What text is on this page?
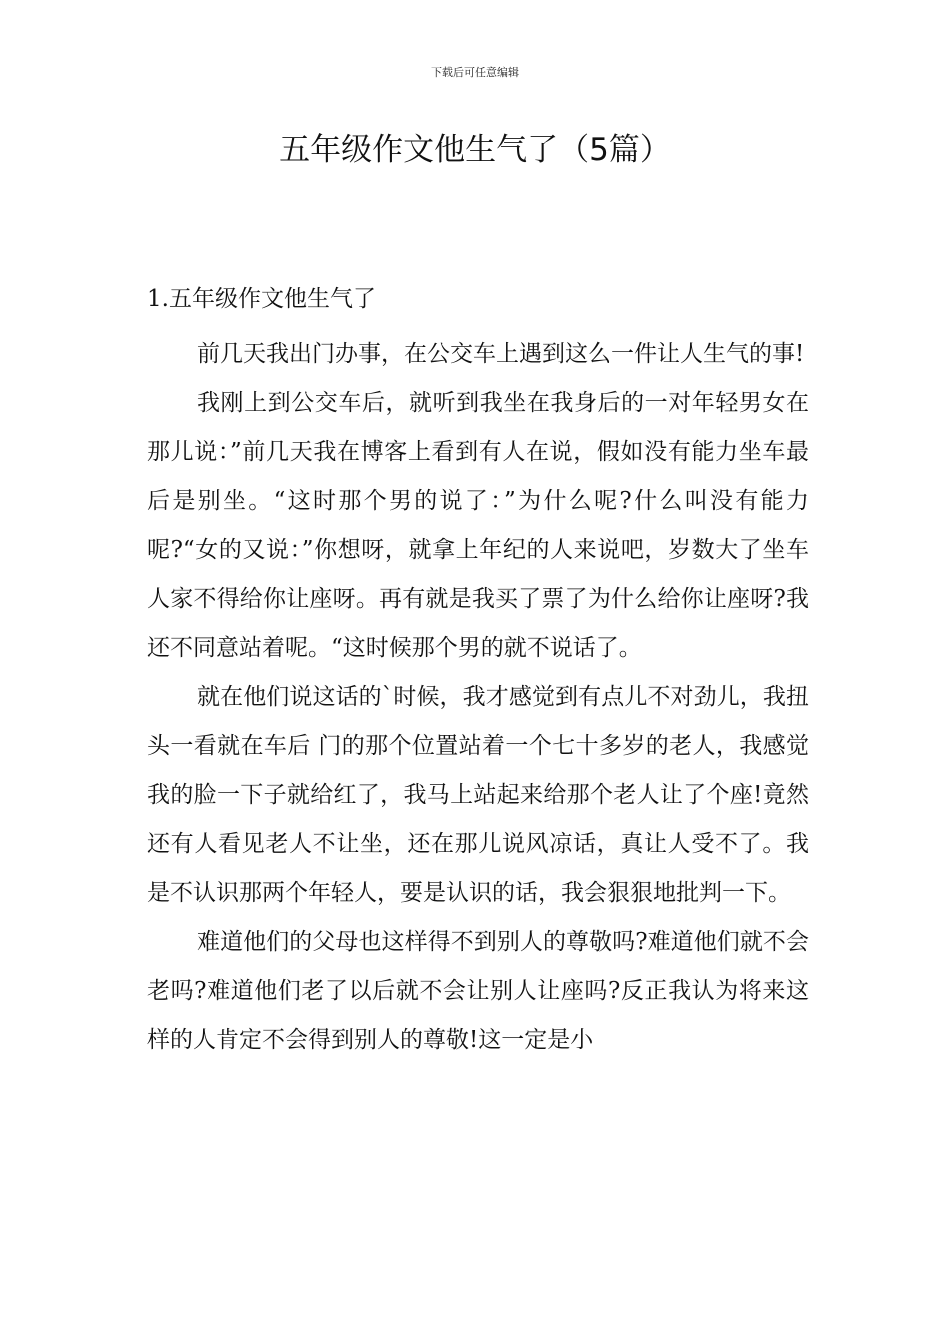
下载后可任意编辑
五年级作文他生气了（5篇）

1.五年级作文他生气了

前几天我出门办事，在公交车上遇到这么一件让人生气的事!

我刚上到公交车后，就听到我坐在我身后的一对年轻男女在那儿说：”前几天我在博客上看到有人在说，假如没有能力坐车最后是别坐。“这时那个男的说了：”为什么呢?什么叫没有能力呢?“女的又说：”你想呀，就拿上年纪的人来说吧，岁数大了坐车人家不得给你让座呀。再有就是我买了票了为什么给你让座呀?我还不同意站着呢。“这时候那个男的就不说话了。

就在他们说这话的`时候，我才感觉到有点儿不对劲儿，我扭头一看就在车后 门的那个位置站着一个七十多岁的老人，我感觉我的脸一下子就给红了，我马上站起来给那个老人让了个座!竟然还有人看见老人不让坐，还在那儿说风凉话，真让人受不了。我是不认识那两个年轻人，要是认识的话，我会狠狠地批判一下。

难道他们的父母也这样得不到别人的尊敬吗?难道他们就不会老吗?难道他们老了以后就不会让别人让座吗?反正我认为将来这样的人肯定不会得到别人的尊敬!这一定是小
